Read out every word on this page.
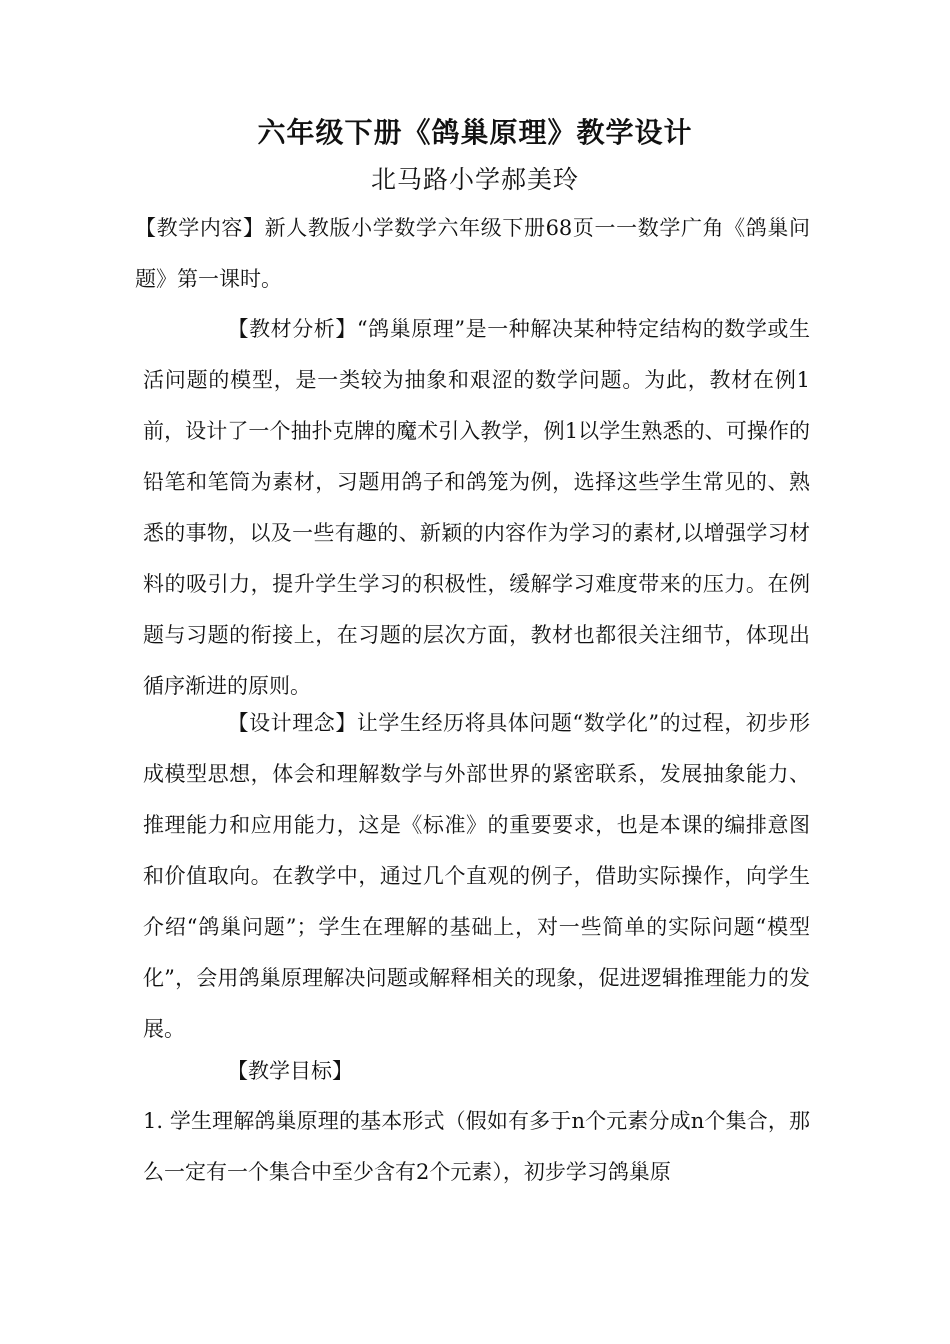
六年级下册《鸽巢原理》教学设计
北马路小学郝美玲

【教学内容】新人教版小学数学六年级下册68页一一数学广角《鸽巢问题》第一课时。

【教材分析】“鸽巢原理”是一种解决某种特定结构的数学或生活问题的模型，是一类较为抽象和艰涩的数学问题。为此，教材在例1前，设计了一个抽扑克牌的魔术引入教学，例1以学生熟悉的、可操作的铅笔和笔筒为素材，习题用鸽子和鸽笼为例，选择这些学生常见的、熟悉的事物，以及一些有趣的、新颖的内容作为学习的素材,以增强学习材料的吸引力，提升学生学习的积极性，缓解学习难度带来的压力。在例题与习题的衔接上，在习题的层次方面，教材也都很关注细节，体现出循序渐进的原则。

【设计理念】让学生经历将具体问题“数学化”的过程，初步形成模型思想，体会和理解数学与外部世界的紧密联系，发展抽象能力、推理能力和应用能力，这是《标准》的重要要求，也是本课的编排意图和价值取向。在教学中，通过几个直观的例子，借助实际操作，向学生介绍“鸽巢问题”；学生在理解的基础上，对一些简单的实际问题“模型化”，会用鸽巢原理解决问题或解释相关的现象，促进逻辑推理能力的发展。

【教学目标】

1. 学生理解鸽巢原理的基本形式（假如有多于n个元素分成n个集合，那么一定有一个集合中至少含有2个元素），初步学习鸽巢原
